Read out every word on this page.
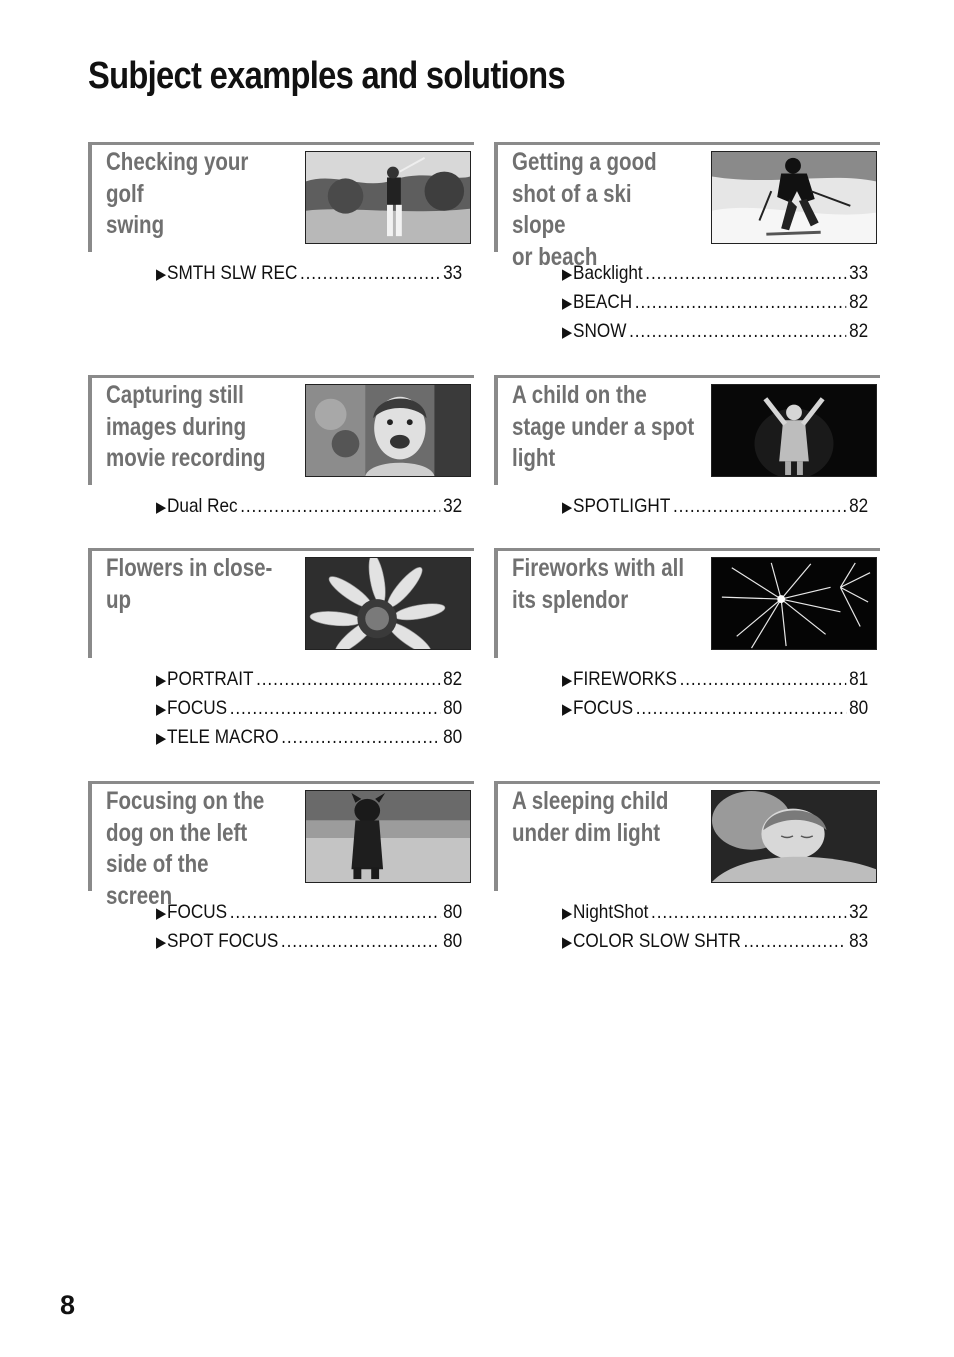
Subject examples and solutions
Checking your golf
swing
▶ SMTH SLW REC .....	33
Getting a good
shot of a ski slope
or beach
▶ Backlight .....	33
▶ BEACH .....	82
▶ SNOW .....	82
Capturing still
images during
movie recording
▶ Dual Rec .....	32
A child on the
stage under a spot
light
▶ SPOTLIGHT .....	82
Flowers in close-
up
▶ PORTRAIT .....	82
▶ FOCUS .....	80
▶ TELE MACRO .....	80
Fireworks with all
its splendor
▶ FIREWORKS .....	81
▶ FOCUS .....	80
Focusing on the
dog on the left
side of the screen
▶ FOCUS .....	80
▶ SPOT FOCUS .....	80
A sleeping child
under dim light
▶ NightShot .....	32
▶ COLOR SLOW SHTR .....	83
8
